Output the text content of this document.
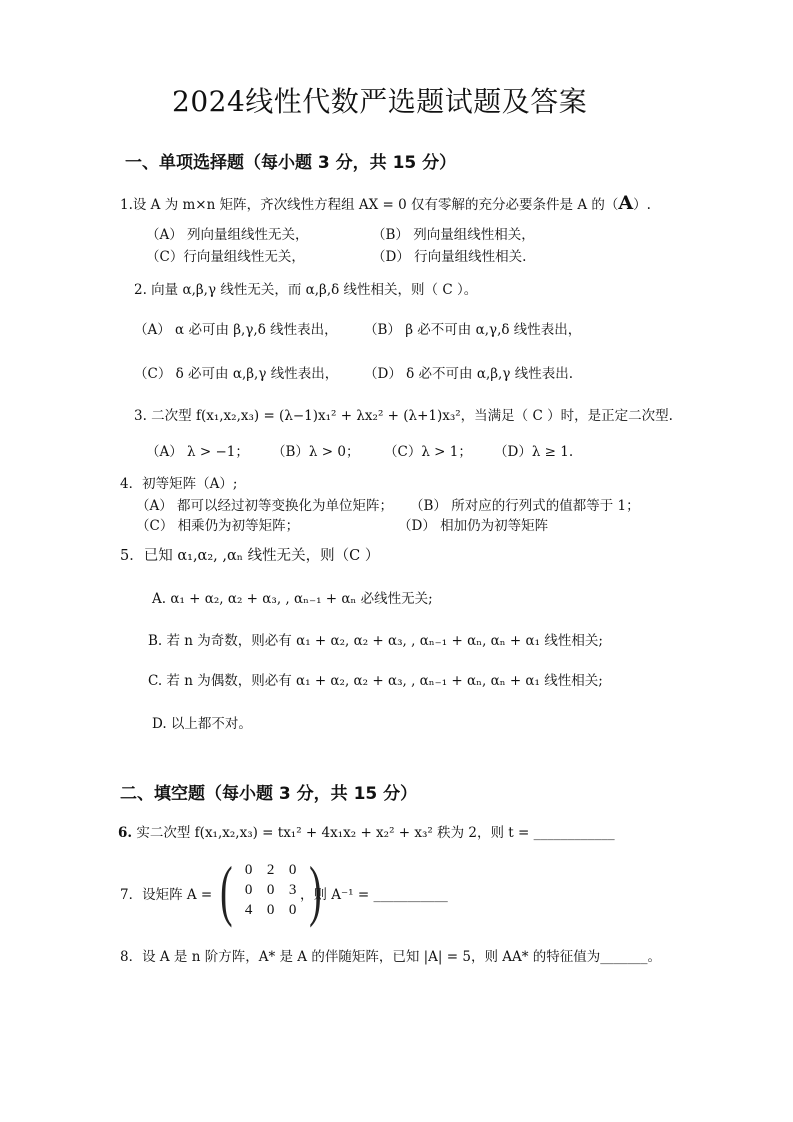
2024线性代数严选题试题及答案
一、单项选择题（每小题 3 分，共 15 分）
1.设 A 为 m×n 矩阵，齐次线性方程组 AX = 0 仅有零解的充分必要条件是 A 的（A）.
（A） 列向量组线性无关，	（B） 列向量组线性相关，
（C）行向量组线性无关，	（D） 行向量组线性相关.
2. 向量 α,β,γ 线性无关，而 α,β,δ 线性相关，则（ C ）。
（A） α 必可由 β,γ,δ 线性表出， （B） β 必不可由 α,γ,δ 线性表出，
（C） δ 必可由 α,β,γ 线性表出， （D） δ 必不可由 α,β,γ 线性表出.
3. 二次型 f(x₁,x₂,x₃) = (λ−1)x₁² + λx₂² + (λ+1)x₃²，当满足（ C ）时，是正定二次型.
（A） λ > −1； （B）λ > 0； （C）λ > 1； （D）λ ≥ 1.
4．初等矩阵（A）;
（A） 都可以经过初等变换化为单位矩阵； （B） 所对应的行列式的值都等于 1；
（C） 相乘仍为初等矩阵；	（D） 相加仍为初等矩阵
5．已知 α₁,α₂, ,αₙ 线性无关，则（C ）
A. α₁ + α₂, α₂ + α₃, , αₙ₋₁ + αₙ 必线性无关;
B. 若 n 为奇数，则必有 α₁ + α₂, α₂ + α₃, , αₙ₋₁ + αₙ, αₙ + α₁ 线性相关;
C. 若 n 为偶数，则必有 α₁ + α₂, α₂ + α₃, , αₙ₋₁ + αₙ, αₙ + α₁ 线性相关;
D. 以上都不对。
二、填空题（每小题 3 分，共 15 分）
6. 实二次型 f(x₁,x₂,x₃) = tx₁² + 4x₁x₂ + x₂² + x₃² 秩为 2，则 t = ____________
7．设矩阵 A = ( 0 2 0
0 0 3
4 0 0 )
，则 A⁻¹ = ___________
8．设 A 是 n 阶方阵，A* 是 A 的伴随矩阵，已知 |A| = 5，则 AA* 的特征值为_______。
